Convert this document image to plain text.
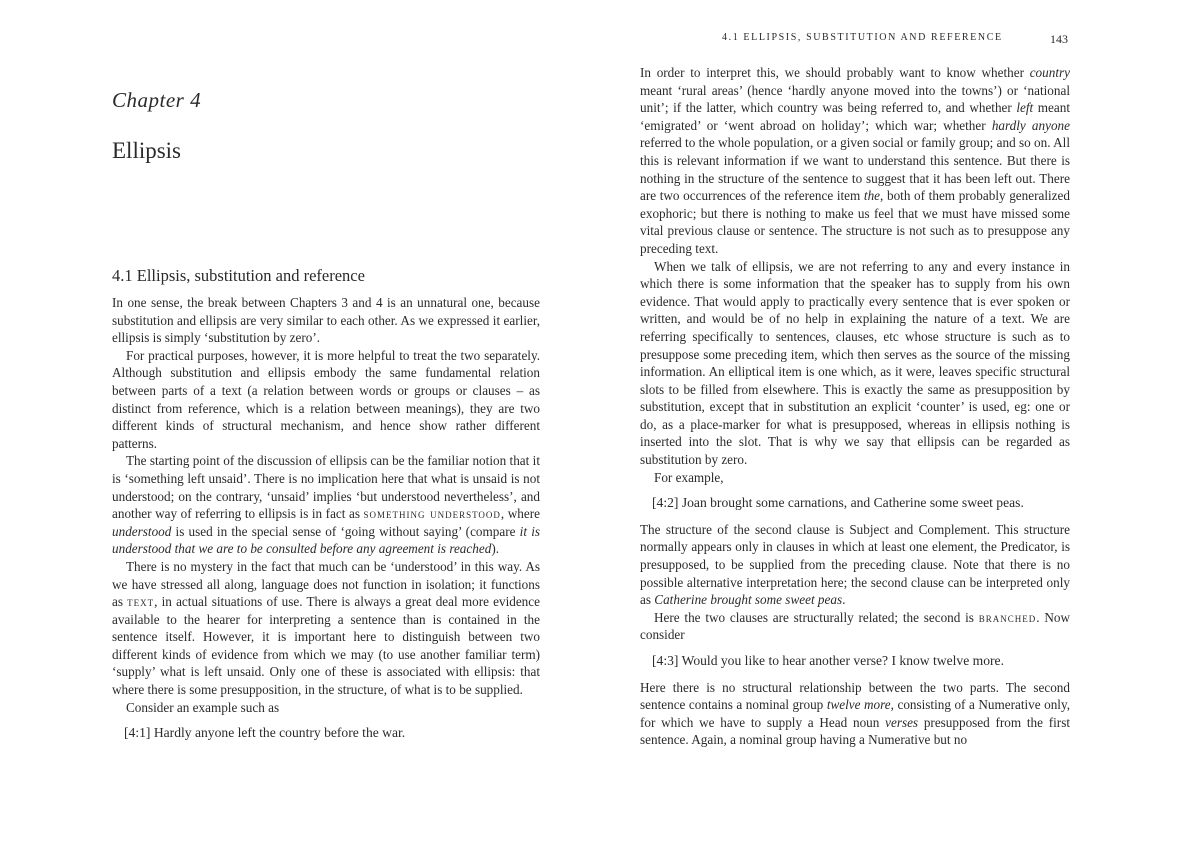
Chapter 4
Ellipsis
4.1 Ellipsis, substitution and reference

In one sense, the break between Chapters 3 and 4 is an unnatural one, because substitution and ellipsis are very similar to each other. As we expressed it earlier, ellipsis is simply ‘substitution by zero’.

For practical purposes, however, it is more helpful to treat the two separately. Although substitution and ellipsis embody the same fundamental relation between parts of a text (a relation between words or groups or clauses – as distinct from reference, which is a relation between meanings), they are two different kinds of structural mechanism, and hence show rather different patterns.

The starting point of the discussion of ellipsis can be the familiar notion that it is ‘something left unsaid’. There is no implication here that what is unsaid is not understood; on the contrary, ‘unsaid’ implies ‘but understood nevertheless’, and another way of referring to ellipsis is in fact as something understood, where understood is used in the special sense of ‘going without saying’ (compare it is understood that we are to be consulted before any agreement is reached).

There is no mystery in the fact that much can be ‘understood’ in this way. As we have stressed all along, language does not function in isolation; it functions as text, in actual situations of use. There is always a great deal more evidence available to the hearer for interpreting a sentence than is contained in the sentence itself. However, it is important here to distinguish between two different kinds of evidence from which we may (to use another familiar term) ‘supply’ what is left unsaid. Only one of these is associated with ellipsis: that where there is some presupposition, in the structure, of what is to be supplied.

Consider an example such as

[4:1] Hardly anyone left the country before the war.

4.1 ELLIPSIS, SUBSTITUTION AND REFERENCE	143

In order to interpret this, we should probably want to know whether country meant ‘rural areas’ (hence ‘hardly anyone moved into the towns’) or ‘national unit’; if the latter, which country was being referred to, and whether left meant ‘emigrated’ or ‘went abroad on holiday’; which war; whether hardly anyone referred to the whole population, or a given social or family group; and so on. All this is relevant information if we want to understand this sentence. But there is nothing in the structure of the sentence to suggest that it has been left out. There are two occurrences of the reference item the, both of them probably generalized exophoric; but there is nothing to make us feel that we must have missed some vital previous clause or sentence. The structure is not such as to presuppose any preceding text.

When we talk of ellipsis, we are not referring to any and every instance in which there is some information that the speaker has to supply from his own evidence. That would apply to practically every sentence that is ever spoken or written, and would be of no help in explaining the nature of a text. We are referring specifically to sentences, clauses, etc whose structure is such as to presuppose some preceding item, which then serves as the source of the missing information. An elliptical item is one which, as it were, leaves specific structural slots to be filled from elsewhere. This is exactly the same as presupposition by substitution, except that in substitution an explicit ‘counter’ is used, eg: one or do, as a place-marker for what is presupposed, whereas in ellipsis nothing is inserted into the slot. That is why we say that ellipsis can be regarded as substitution by zero.

For example,

[4:2] Joan brought some carnations, and Catherine some sweet peas.

The structure of the second clause is Subject and Complement. This structure normally appears only in clauses in which at least one element, the Predicator, is presupposed, to be supplied from the preceding clause. Note that there is no possible alternative interpretation here; the second clause can be interpreted only as Catherine brought some sweet peas.

Here the two clauses are structurally related; the second is branched. Now consider

[4:3] Would you like to hear another verse? I know twelve more.

Here there is no structural relationship between the two parts. The second sentence contains a nominal group twelve more, consisting of a Numerative only, for which we have to supply a Head noun verses presupposed from the first sentence. Again, a nominal group having a Numerative but no
